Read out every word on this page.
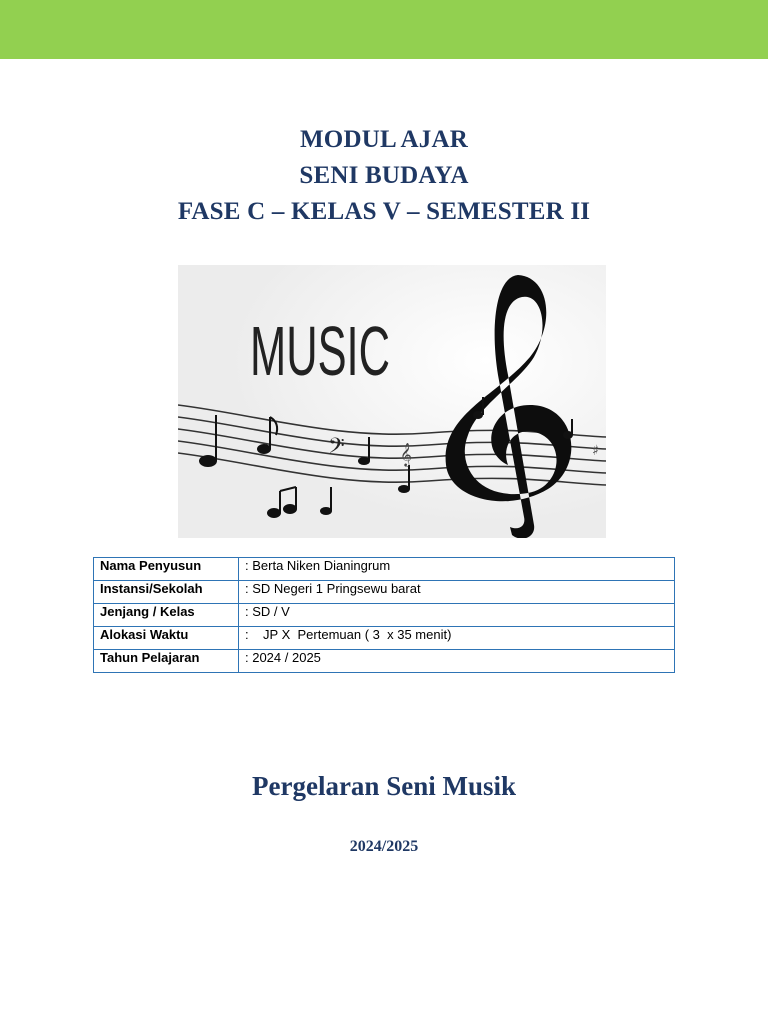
MODUL AJAR
SENI BUDAYA
FASE C – KELAS V – SEMESTER II
MUSIC
𝄢	𝄞	♯
Nama Penyusun	: Berta Niken Dianingrum
Instansi/Sekolah	: SD Negeri 1 Pringsewu barat
Jenjang / Kelas	: SD / V
Alokasi Waktu	:    JP X  Pertemuan ( 3  x 35 menit)
Tahun Pelajaran	: 2024 / 2025
Pergelaran Seni Musik
2024/2025
